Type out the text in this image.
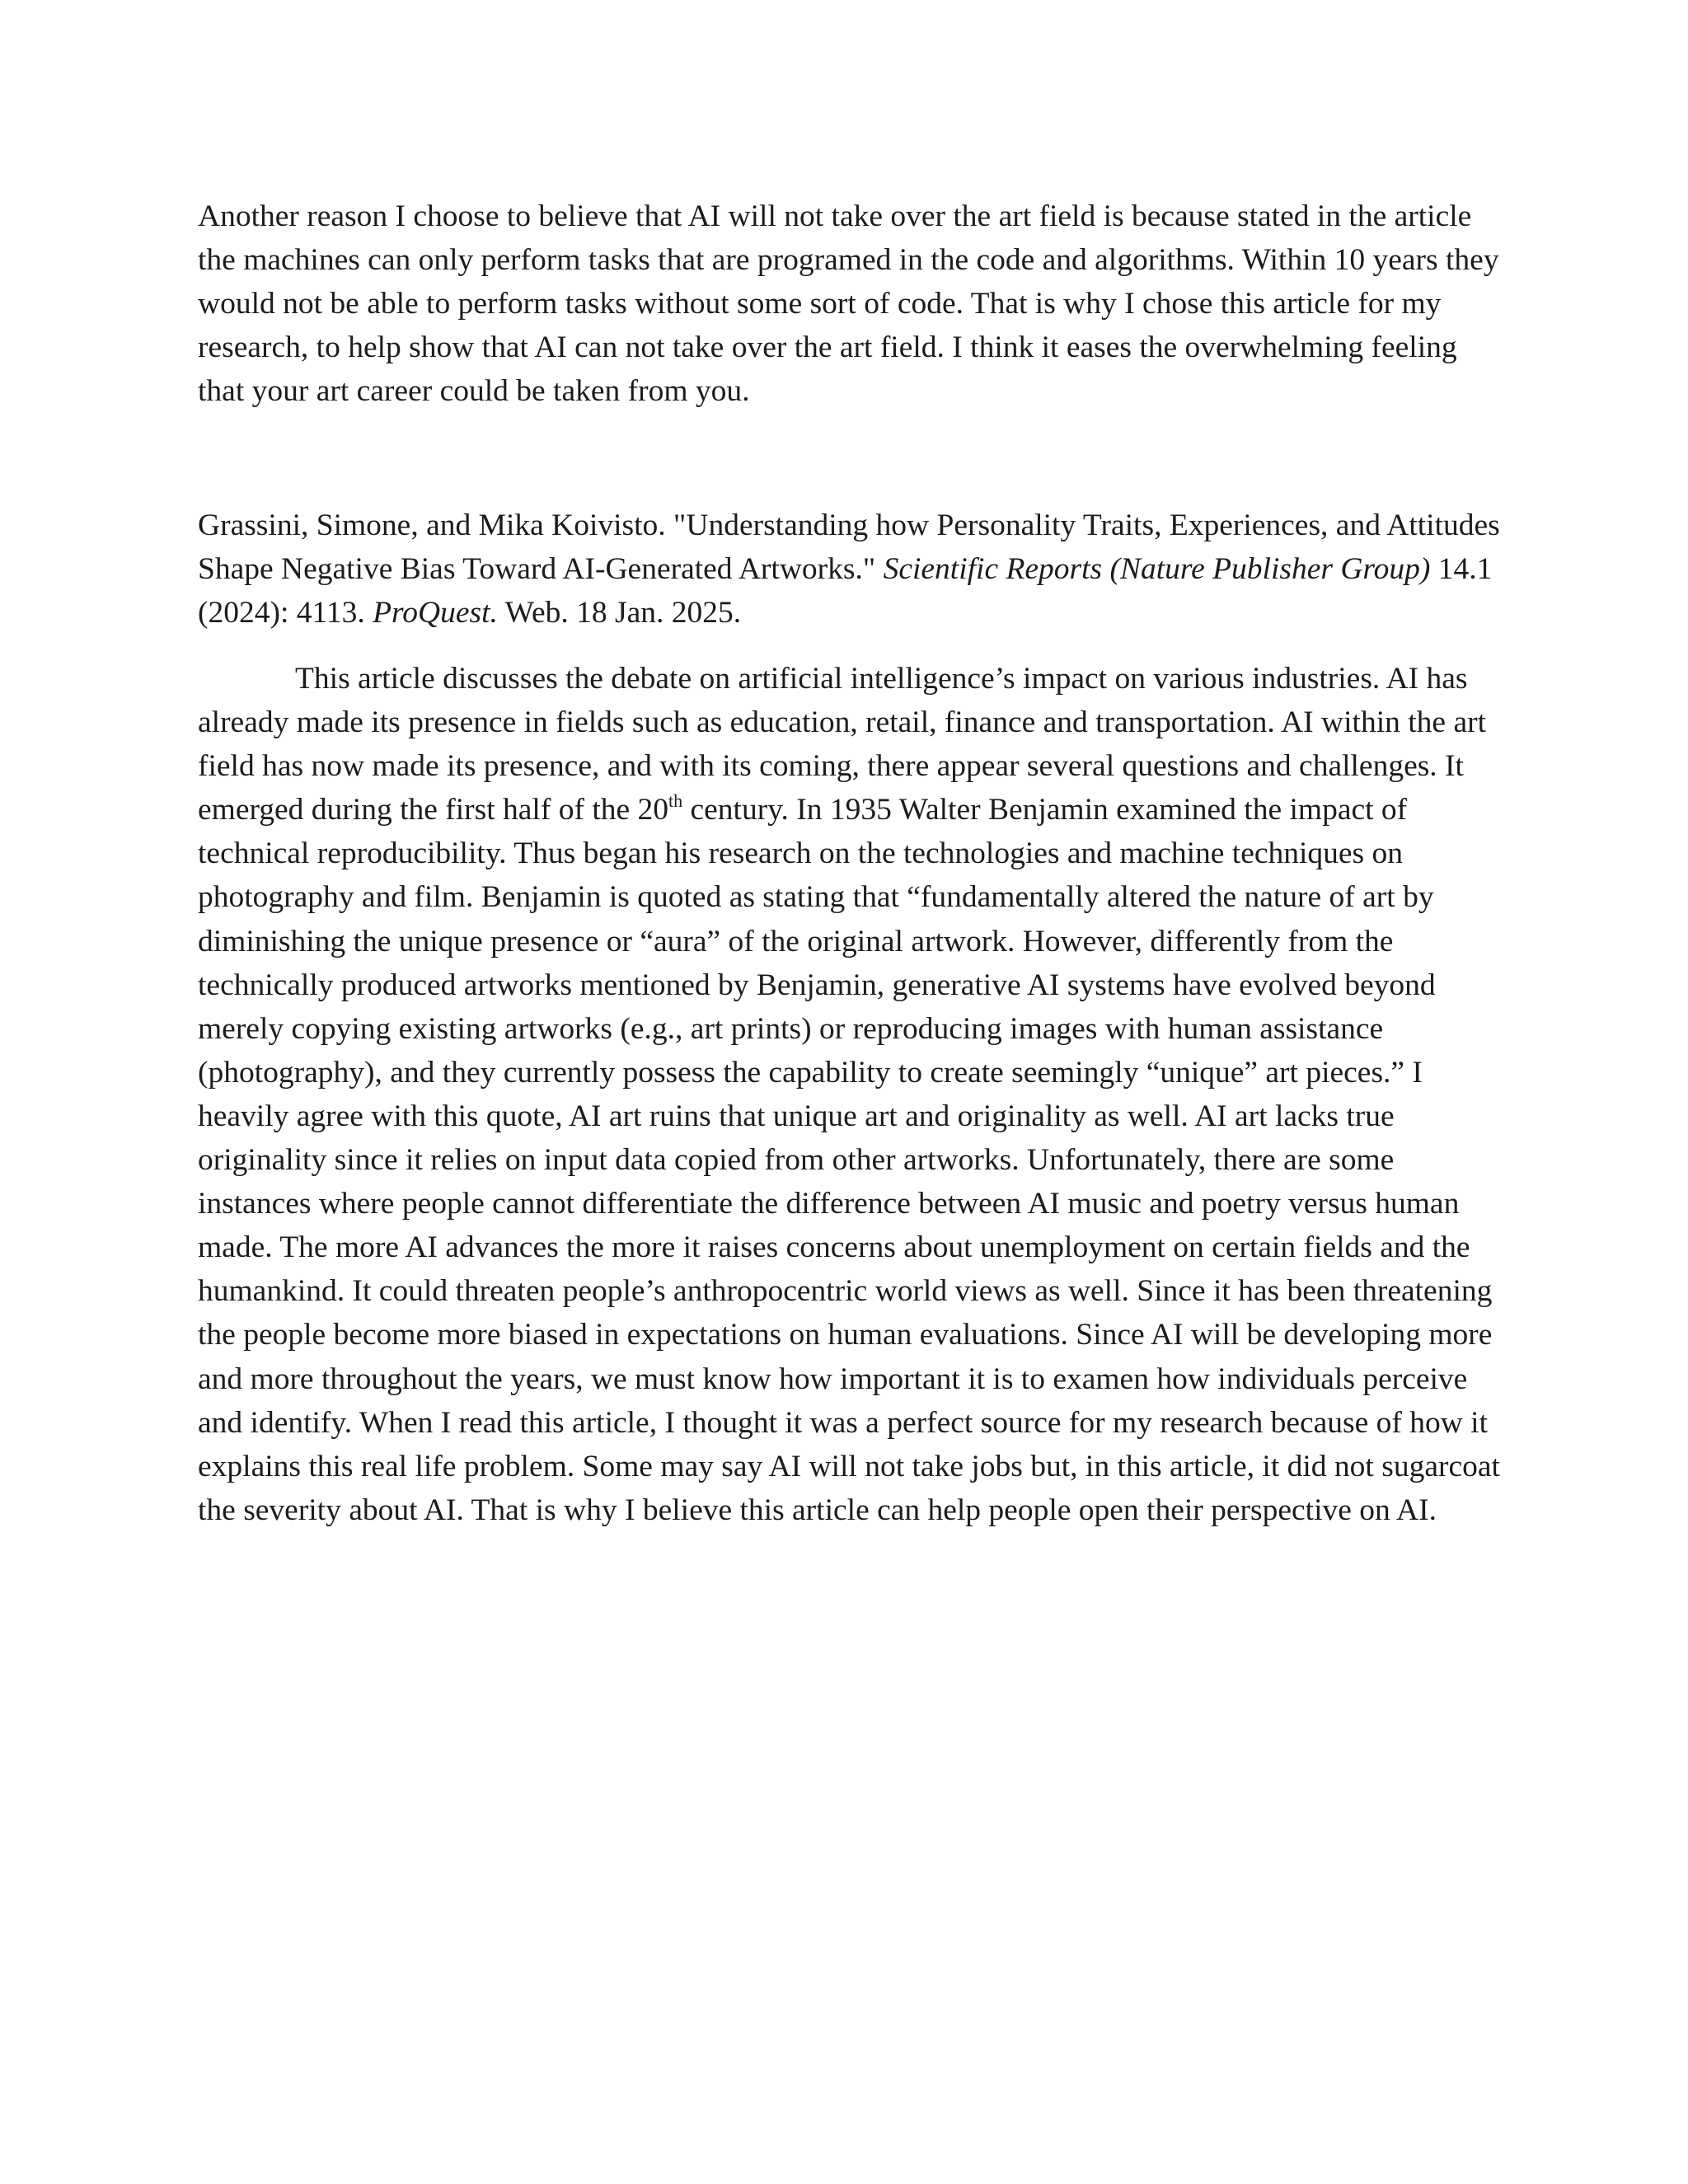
Another reason I choose to believe that AI will not take over the art field is because stated in the article the machines can only perform tasks that are programed in the code and algorithms. Within 10 years they would not be able to perform tasks without some sort of code. That is why I chose this article for my research, to help show that AI can not take over the art field. I think it eases the overwhelming feeling that your art career could be taken from you.

Grassini, Simone, and Mika Koivisto. "Understanding how Personality Traits, Experiences, and Attitudes Shape Negative Bias Toward AI-Generated Artworks." Scientific Reports (Nature Publisher Group) 14.1 (2024): 4113. ProQuest. Web. 18 Jan. 2025.

This article discusses the debate on artificial intelligence’s impact on various industries. AI has already made its presence in fields such as education, retail, finance and transportation. AI within the art field has now made its presence, and with its coming, there appear several questions and challenges. It emerged during the first half of the 20th century. In 1935 Walter Benjamin examined the impact of technical reproducibility. Thus began his research on the technologies and machine techniques on photography and film. Benjamin is quoted as stating that “fundamentally altered the nature of art by diminishing the unique presence or “aura” of the original artwork. However, differently from the technically produced artworks mentioned by Benjamin, generative AI systems have evolved beyond merely copying existing artworks (e.g., art prints) or reproducing images with human assistance (photography), and they currently possess the capability to create seemingly “unique” art pieces.” I heavily agree with this quote, AI art ruins that unique art and originality as well. AI art lacks true originality since it relies on input data copied from other artworks. Unfortunately, there are some instances where people cannot differentiate the difference between AI music and poetry versus human made. The more AI advances the more it raises concerns about unemployment on certain fields and the humankind. It could threaten people’s anthropocentric world views as well. Since it has been threatening the people become more biased in expectations on human evaluations. Since AI will be developing more and more throughout the years, we must know how important it is to examen how individuals perceive and identify. When I read this article, I thought it was a perfect source for my research because of how it explains this real life problem. Some may say AI will not take jobs but, in this article, it did not sugarcoat the severity about AI. That is why I believe this article can help people open their perspective on AI.
